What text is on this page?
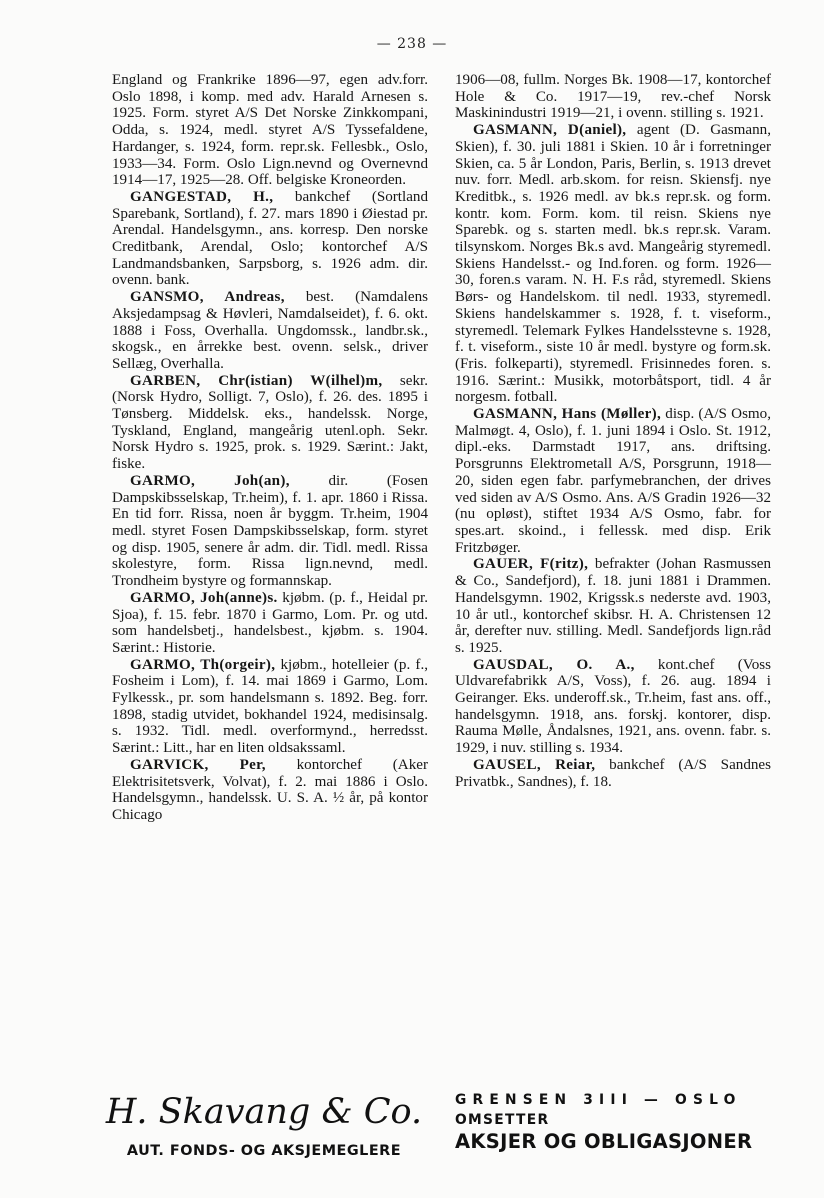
— 238 —

England og Frankrike 1896—97, egen adv.forr. Oslo 1898, i komp. med adv. Harald Arnesen s. 1925. Form. styret A/S Det Norske Zinkkompani, Odda, s. 1924, medl. styret A/S Tyssefaldene, Hardanger, s. 1924, form. repr.sk. Fellesbk., Oslo, 1933—34. Form. Oslo Lign.nevnd og Overnevnd 1914—17, 1925—28. Off. belgiske Kroneorden.

GANGESTAD, H., bankchef (Sortland Sparebank, Sortland), f. 27. mars 1890 i Øiestad pr. Arendal. Handelsgymn., ans. korresp. Den norske Creditbank, Arendal, Oslo; kontorchef A/S Landmandsbanken, Sarpsborg, s. 1926 adm. dir. ovenn. bank.

GANSMO, Andreas, best. (Namdalens Aksjedampsag & Høvleri, Namdalseidet), f. 6. okt. 1888 i Foss, Overhalla. Ungdomssk., landbr.sk., skogsk., en årrekke best. ovenn. selsk., driver Sellæg, Overhalla.

GARBEN, Chr(istian) W(ilhel)m, sekr. (Norsk Hydro, Solligt. 7, Oslo), f. 26. des. 1895 i Tønsberg. Middelsk. eks., handelssk. Norge, Tyskland, England, mangeårig utenl.oph. Sekr. Norsk Hydro s. 1925, prok. s. 1929. Særint.: Jakt, fiske.

GARMO, Joh(an), dir. (Fosen Dampskibsselskap, Tr.heim), f. 1. apr. 1860 i Rissa. En tid forr. Rissa, noen år byggm. Tr.heim, 1904 medl. styret Fosen Dampskibsselskap, form. styret og disp. 1905, senere år adm. dir. Tidl. medl. Rissa skolestyre, form. Rissa lign.nevnd, medl. Trondheim bystyre og formannskap.

GARMO, Joh(anne)s. kjøbm. (p. f., Heidal pr. Sjoa), f. 15. febr. 1870 i Garmo, Lom. Pr. og utd. som handelsbetj., handelsbest., kjøbm. s. 1904. Særint.: Historie.

GARMO, Th(orgeir), kjøbm., hotelleier (p. f., Fosheim i Lom), f. 14. mai 1869 i Garmo, Lom. Fylkessk., pr. som handelsmann s. 1892. Beg. forr. 1898, stadig utvidet, bokhandel 1924, medisinsalg. s. 1932. Tidl. medl. overformynd., herredsst. Særint.: Litt., har en liten oldsakssaml.

GARVICK, Per, kontorchef (Aker Elektrisitetsverk, Volvat), f. 2. mai 1886 i Oslo. Handelsgymn., handelssk. U. S. A. ½ år, på kontor Chicago

1906—08, fullm. Norges Bk. 1908—17, kontorchef Hole & Co. 1917—19, rev.-chef Norsk Maskinindustri 1919—21, i ovenn. stilling s. 1921.

GASMANN, D(aniel), agent (D. Gasmann, Skien), f. 30. juli 1881 i Skien. 10 år i forretninger Skien, ca. 5 år London, Paris, Berlin, s. 1913 drevet nuv. forr. Medl. arb.skom. for reisn. Skiensfj. nye Kreditbk., s. 1926 medl. av bk.s repr.sk. og form. kontr. kom. Form. kom. til reisn. Skiens nye Sparebk. og s. starten medl. bk.s repr.sk. Varam. tilsynskom. Norges Bk.s avd. Mangeårig styremedl. Skiens Handelsst.- og Ind.foren. og form. 1926—30, foren.s varam. N. H. F.s råd, styremedl. Skiens Børs- og Handelskom. til nedl. 1933, styremedl. Skiens handelskammer s. 1928, f. t. viseform., styremedl. Telemark Fylkes Handelsstevne s. 1928, f. t. viseform., siste 10 år medl. bystyre og form.sk. (Fris. folkeparti), styremedl. Frisinnedes foren. s. 1916. Særint.: Musikk, motorbåtsport, tidl. 4 år norgesm. fotball.

GASMANN, Hans (Møller), disp. (A/S Osmo, Malmøgt. 4, Oslo), f. 1. juni 1894 i Oslo. St. 1912, dipl.-eks. Darmstadt 1917, ans. driftsing. Porsgrunns Elektrometall A/S, Porsgrunn, 1918—20, siden egen fabr. parfymebranchen, der drives ved siden av A/S Osmo. Ans. A/S Gradin 1926—32 (nu opløst), stiftet 1934 A/S Osmo, fabr. for spes.art. skoind., i fellessk. med disp. Erik Fritzbøger.

GAUER, F(ritz), befrakter (Johan Rasmussen & Co., Sandefjord), f. 18. juni 1881 i Drammen. Handelsgymn. 1902, Krigssk.s nederste avd. 1903, 10 år utl., kontorchef skibsr. H. A. Christensen 12 år, derefter nuv. stilling. Medl. Sandefjords lign.råd s. 1925.

GAUSDAL, O. A., kont.chef (Voss Uldvarefabrikk A/S, Voss), f. 26. aug. 1894 i Geiranger. Eks. underoff.sk., Tr.heim, fast ans. off., handelsgymn. 1918, ans. forskj. kontorer, disp. Rauma Mølle, Åndalsnes, 1921, ans. ovenn. fabr. s. 1929, i nuv. stilling s. 1934.

GAUSEL, Reiar, bankchef (A/S Sandnes Privatbk., Sandnes), f. 18.

H. Skavang & Co.
AUT. FONDS- OG AKSJEMEGLERE
GRENSEN 3III — OSLO
OMSETTER
AKSJER OG OBLIGASJONER
